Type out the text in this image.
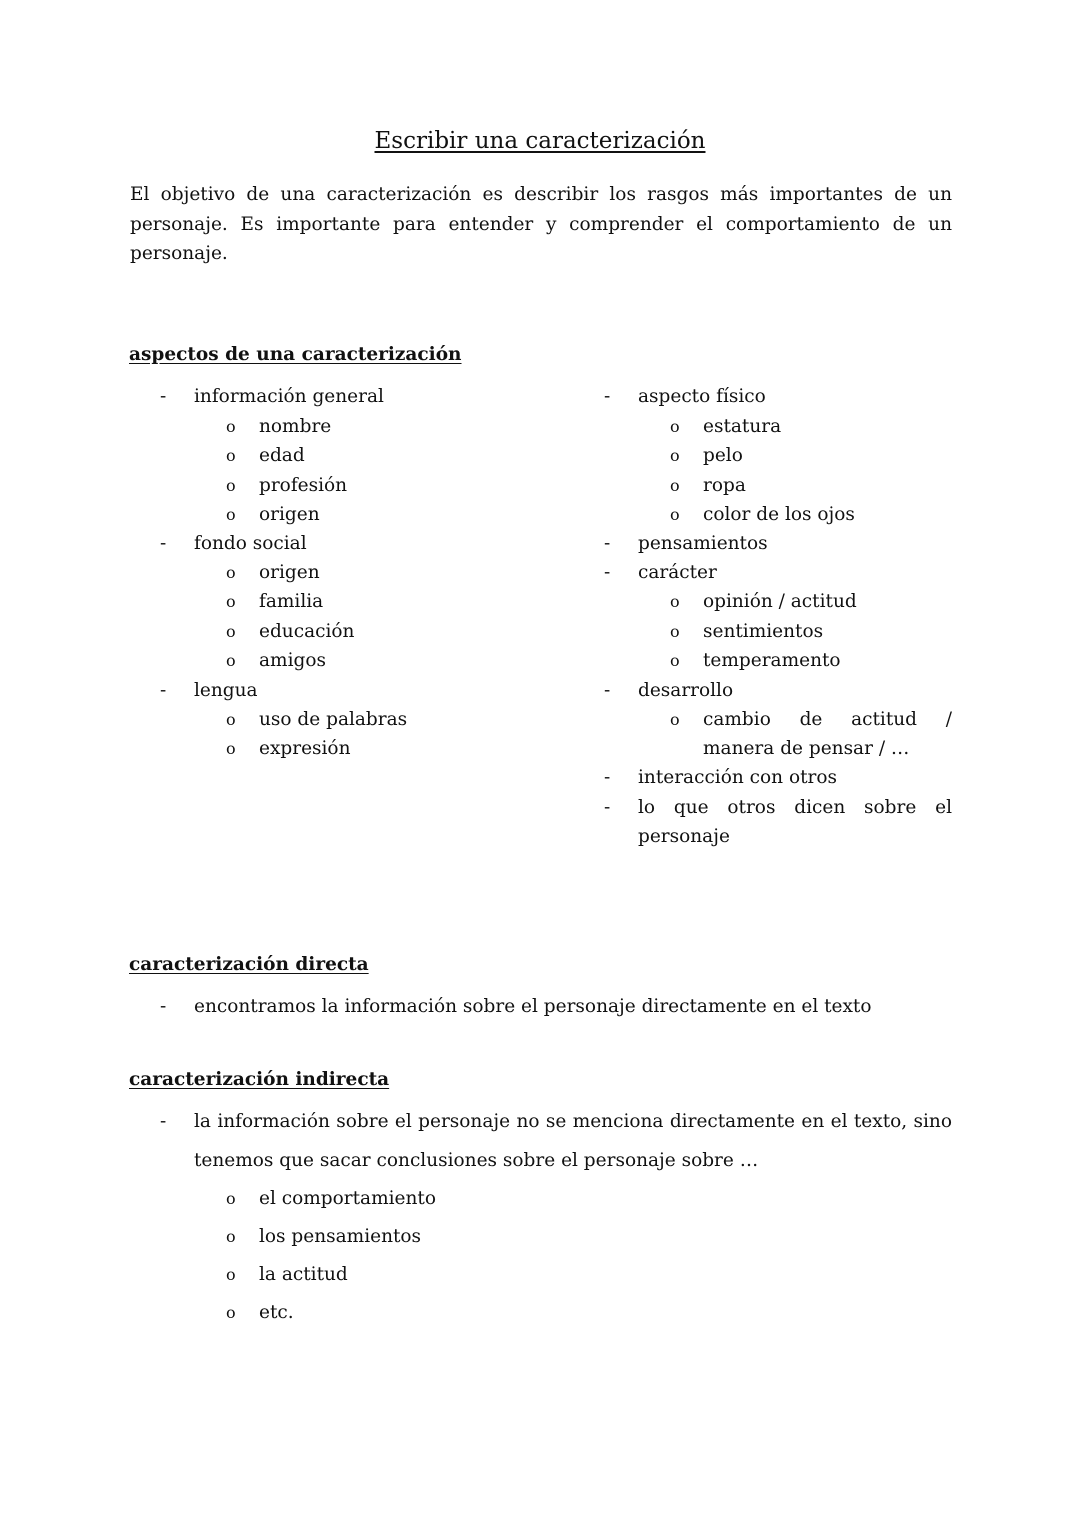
Escribir una caracterización
El objetivo de una caracterización es describir los rasgos más importantes de un personaje. Es importante para entender y comprender el comportamiento de un personaje.
aspectos de una caracterización
- información general
o nombre
o edad
o profesión
o origen
- fondo social
o origen
o familia
o educación
o amigos
- lengua
o uso de palabras
o expresión
- aspecto físico
o estatura
o pelo
o ropa
o color de los ojos
- pensamientos
- carácter
o opinión / actitud
o sentimientos
o temperamento
- desarrollo
o cambio de actitud /
manera de pensar / …
- interacción con otros
- lo que otros dicen sobre el
personaje
caracterización directa
- encontramos la información sobre el personaje directamente en el texto
caracterización indirecta
- la información sobre el personaje no se menciona directamente en el texto, sino
tenemos que sacar conclusiones sobre el personaje sobre …
o el comportamiento
o los pensamientos
o la actitud
o etc.
